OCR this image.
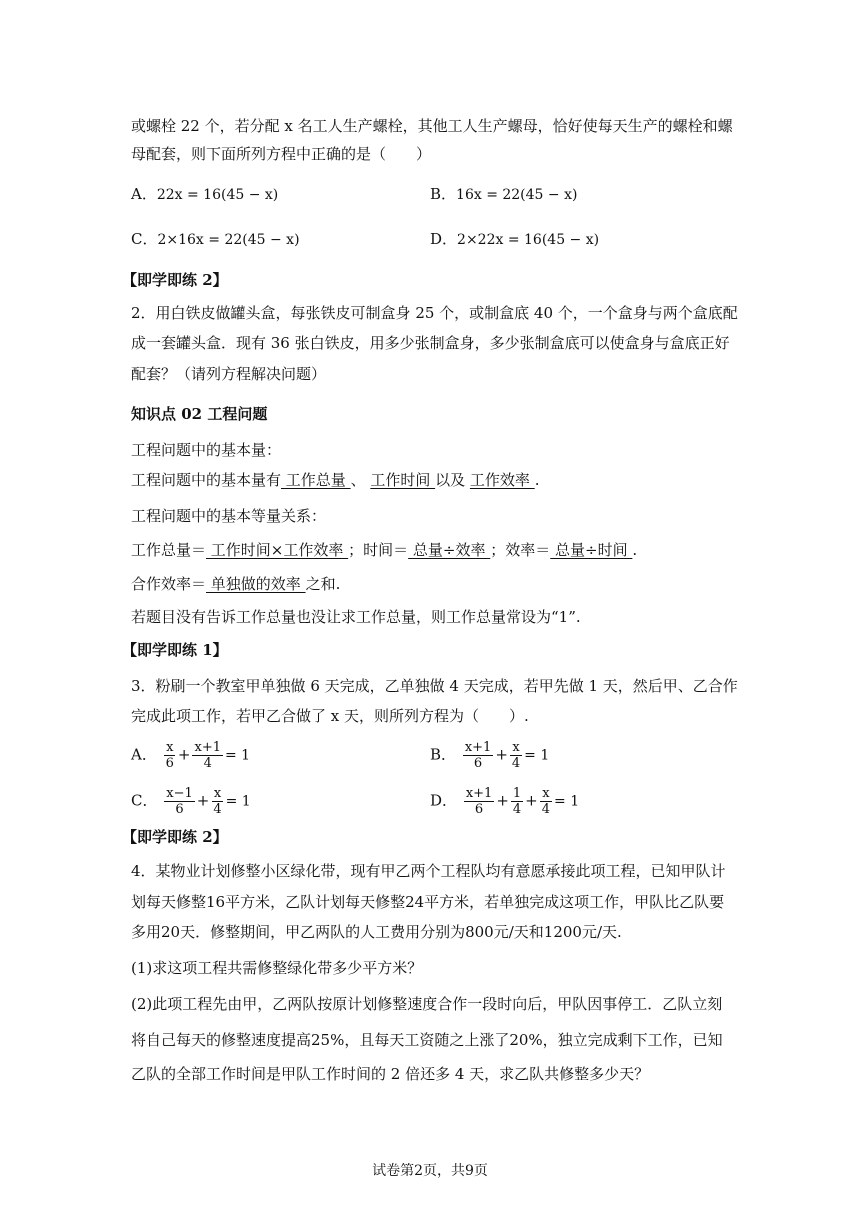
或螺栓 22 个，若分配 x 名工人生产螺栓，其他工人生产螺母，恰好使每天生产的螺栓和螺
母配套，则下面所列方程中正确的是（　　）
A．22x = 16(45 − x)	B．16x = 22(45 − x)
C．2×16x = 22(45 − x)	D．2×22x = 16(45 − x)
【即学即练 2】
2．用白铁皮做罐头盒，每张铁皮可制盒身 25 个，或制盒底 40 个，一个盒身与两个盒底配
成一套罐头盒．现有 36 张白铁皮，用多少张制盒身，多少张制盒底可以使盒身与盒底正好
配套？（请列方程解决问题）
知识点 02 工程问题
工程问题中的基本量：
工程问题中的基本量有 工作总量 、 工作时间 以及 工作效率 .
工程问题中的基本等量关系：
工作总量＝ 工作时间×工作效率 ；时间＝ 总量÷效率 ；效率＝ 总量÷时间 .
合作效率＝ 单独做的效率 之和.
若题目没有告诉工作总量也没让求工作总量，则工作总量常设为“1”.
【即学即练 1】
3．粉刷一个教室甲单独做 6 天完成，乙单独做 4 天完成，若甲先做 1 天，然后甲、乙合作
完成此项工作，若甲乙合做了 x 天，则所列方程为（　　）.
A． $\frac{x}{6} + \frac{x+1}{4} = 1$	B． $\frac{x+1}{6} + \frac{x}{4} = 1$
C． $\frac{x-1}{6} + \frac{x}{4} = 1$	D． $\frac{x+1}{6} + \frac{1}{4} + \frac{x}{4} = 1$
【即学即练 2】
4．某物业计划修整小区绿化带，现有甲乙两个工程队均有意愿承接此项工程，已知甲队计
划每天修整16平方米，乙队计划每天修整24平方米，若单独完成这项工作，甲队比乙队要
多用20天．修整期间，甲乙两队的人工费用分别为800元/天和1200元/天.
(1)求这项工程共需修整绿化带多少平方米？
(2)此项工程先由甲，乙两队按原计划修整速度合作一段时向后，甲队因事停工．乙队立刻
将自己每天的修整速度提高25%，且每天工资随之上涨了20%，独立完成剩下工作，已知
乙队的全部工作时间是甲队工作时间的 2 倍还多 4 天，求乙队共修整多少天？
试卷第2页，共9页
